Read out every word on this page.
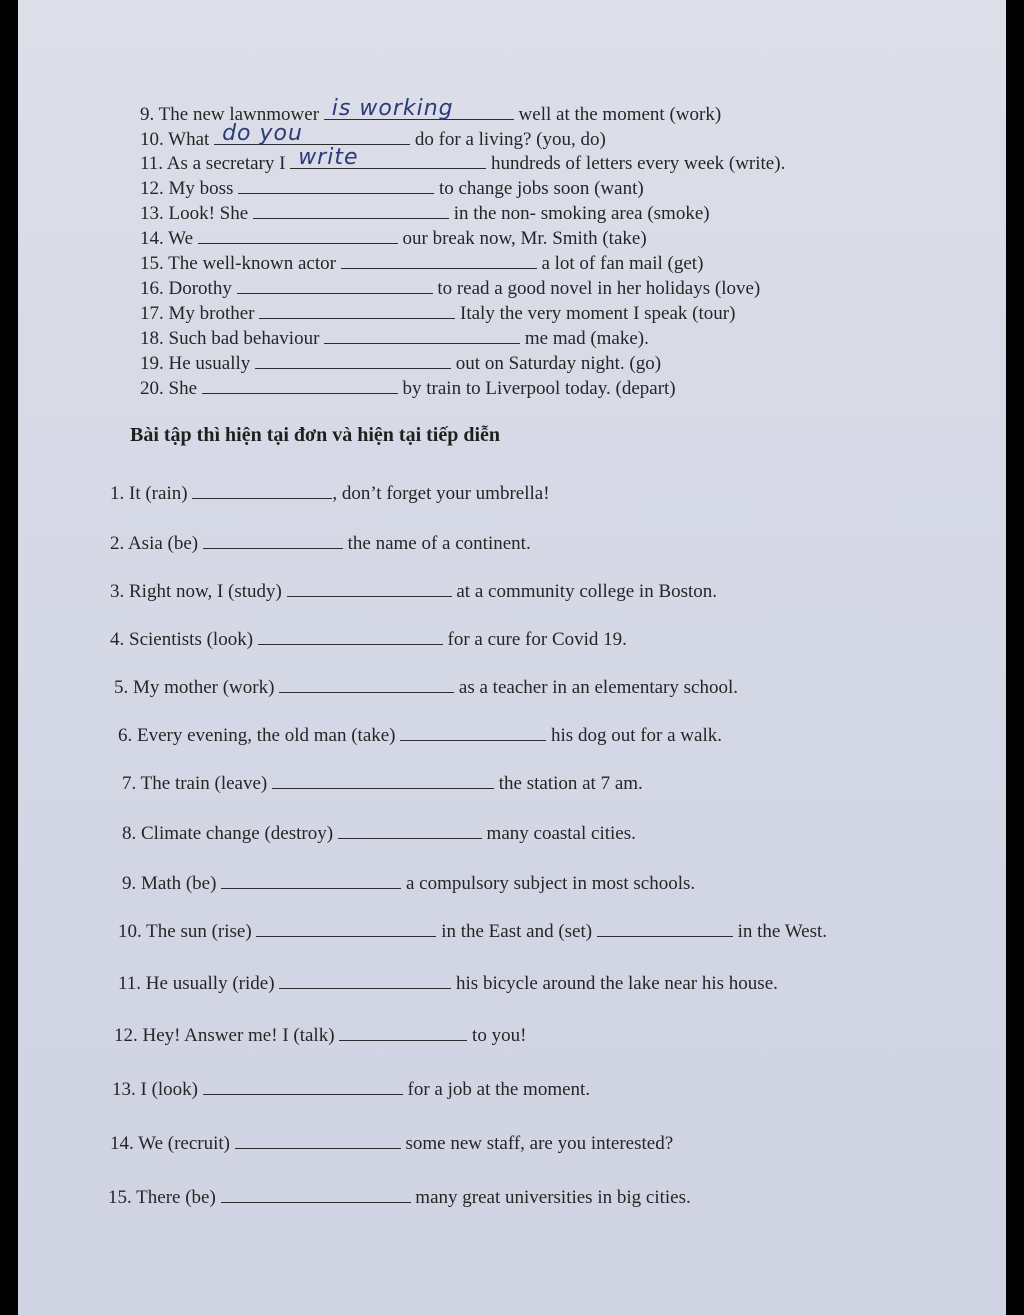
9. The new lawnmower is working	well at the moment (work)
10. What do you	do for a living? (you, do)
11. As a secretary I write	hundreds of letters every week (write).
12. My boss	to change jobs soon (want)
13. Look! She	in the non- smoking area (smoke)
14. We	our break now, Mr. Smith (take)
15. The well-known actor	a lot of fan mail (get)
16. Dorothy	to read a good novel in her holidays (love)
17. My brother	Italy the very moment I speak (tour)
18. Such bad behaviour	me mad (make).
19. He usually	out on Saturday night. (go)
20. She	by train to Liverpool today. (depart)
Bài tập thì hiện tại đơn và hiện tại tiếp diễn
1. It (rain)	, don’t forget your umbrella!
2. Asia (be)	the name of a continent.
3. Right now, I (study)	at a community college in Boston.
4. Scientists (look)	for a cure for Covid 19.
5. My mother (work)	as a teacher in an elementary school.
6. Every evening, the old man (take)	his dog out for a walk.
7. The train (leave)	the station at 7 am.
8. Climate change (destroy)	many coastal cities.
9. Math (be)	a compulsory subject in most schools.
10. The sun (rise)	in the East and (set)	in the West.
11. He usually (ride)	his bicycle around the lake near his house.
12. Hey! Answer me! I (talk)	to you!
13. I (look)	for a job at the moment.
14. We (recruit)	some new staff, are you interested?
15. There (be)	many great universities in big cities.
